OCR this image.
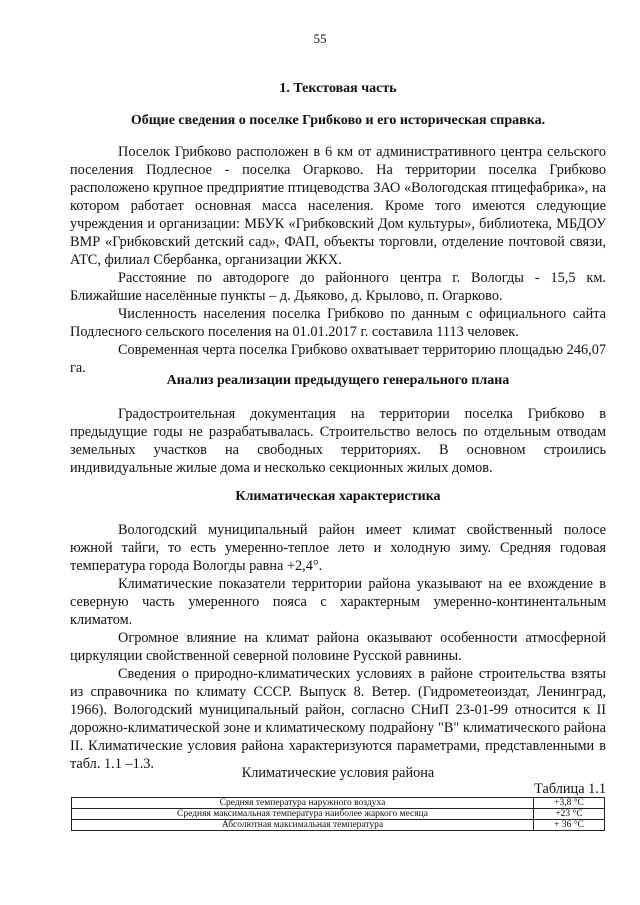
55
1. Текстовая часть
Общие сведения о поселке Грибково и его историческая справка.

Поселок Грибково расположен в 6 км от административного центра сельского поселения Подлесное - поселка Огарково. На территории поселка Грибково расположено крупное предприятие птицеводства ЗАО «Вологодская птицефабрика», на котором работает основная масса населения. Кроме того имеются следующие учреждения и организации: МБУК «Грибковский Дом культуры», библиотека, МБДОУ ВМР «Грибковский детский сад», ФАП, объекты торговли, отделение почтовой связи, АТС, филиал Сбербанка, организации ЖКХ.

Расстояние по автодороге до районного центра г. Вологды - 15,5 км. Ближайшие населённые пункты – д. Дьяково, д. Крылово, п. Огарково.

Численность населения поселка Грибково по данным с официального сайта Подлесного сельского поселения на 01.01.2017 г. составила 1113 человек.

Современная черта поселка Грибково охватывает территорию площадью 246,07 га.

Анализ реализации предыдущего генерального плана

Градостроительная документация на территории поселка Грибково в предыдущие годы не разрабатывалась. Строительство велось по отдельным отводам земельных участков на свободных территориях. В основном строились индивидуальные жилые дома и несколько секционных жилых домов.

Климатическая характеристика

Вологодский муниципальный район имеет климат свойственный полосе южной тайги, то есть умеренно-теплое лето и холодную зиму. Средняя годовая температура города Вологды равна +2,4°.

Климатические показатели территории района указывают на ее вхождение в северную часть умеренного пояса с характерным умеренно-континентальным климатом.

Огромное влияние на климат района оказывают особенности атмосферной циркуляции свойственной северной половине Русской равнины.

Сведения о природно-климатических условиях в районе строительства взяты из справочника по климату СССР. Выпуск 8. Ветер. (Гидрометеоиздат, Ленинград, 1966). Вологодский муниципальный район, согласно СНиП 23-01-99 относится к II дорожно-климатической зоне и климатическому подрайону "В" климатического района II. Климатические условия района характеризуются параметрами, представленными в табл. 1.1 –1.3.

Климатические условия района
Таблица 1.1
Средняя температура наружного воздуха	+3,8 °С
Средняя максимальная температура наиболее жаркого месяца	+23 °С
Абсолютная максимальная температура	+ 36 °С
